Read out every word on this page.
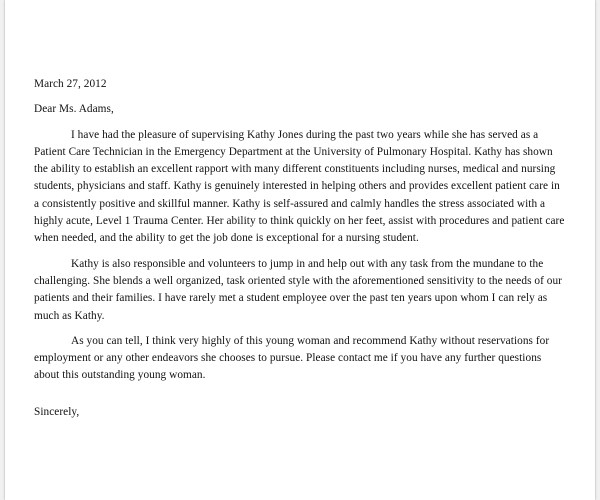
March 27, 2012

Dear Ms. Adams,

I have had the pleasure of supervising Kathy Jones during the past two years while she has served as a Patient Care Technician in the Emergency Department at the University of Pulmonary Hospital. Kathy has shown the ability to establish an excellent rapport with many different constituents including nurses, medical and nursing students, physicians and staff. Kathy is genuinely interested in helping others and provides excellent patient care in a consistently positive and skillful manner. Kathy is self-assured and calmly handles the stress associated with a highly acute, Level 1 Trauma Center. Her ability to think quickly on her feet, assist with procedures and patient care when needed, and the ability to get the job done is exceptional for a nursing student.

Kathy is also responsible and volunteers to jump in and help out with any task from the mundane to the challenging. She blends a well organized, task oriented style with the aforementioned sensitivity to the needs of our patients and their families. I have rarely met a student employee over the past ten years upon whom I can rely as much as Kathy.

As you can tell, I think very highly of this young woman and recommend Kathy without reservations for employment or any other endeavors she chooses to pursue. Please contact me if you have any further questions about this outstanding young woman.

Sincerely,
